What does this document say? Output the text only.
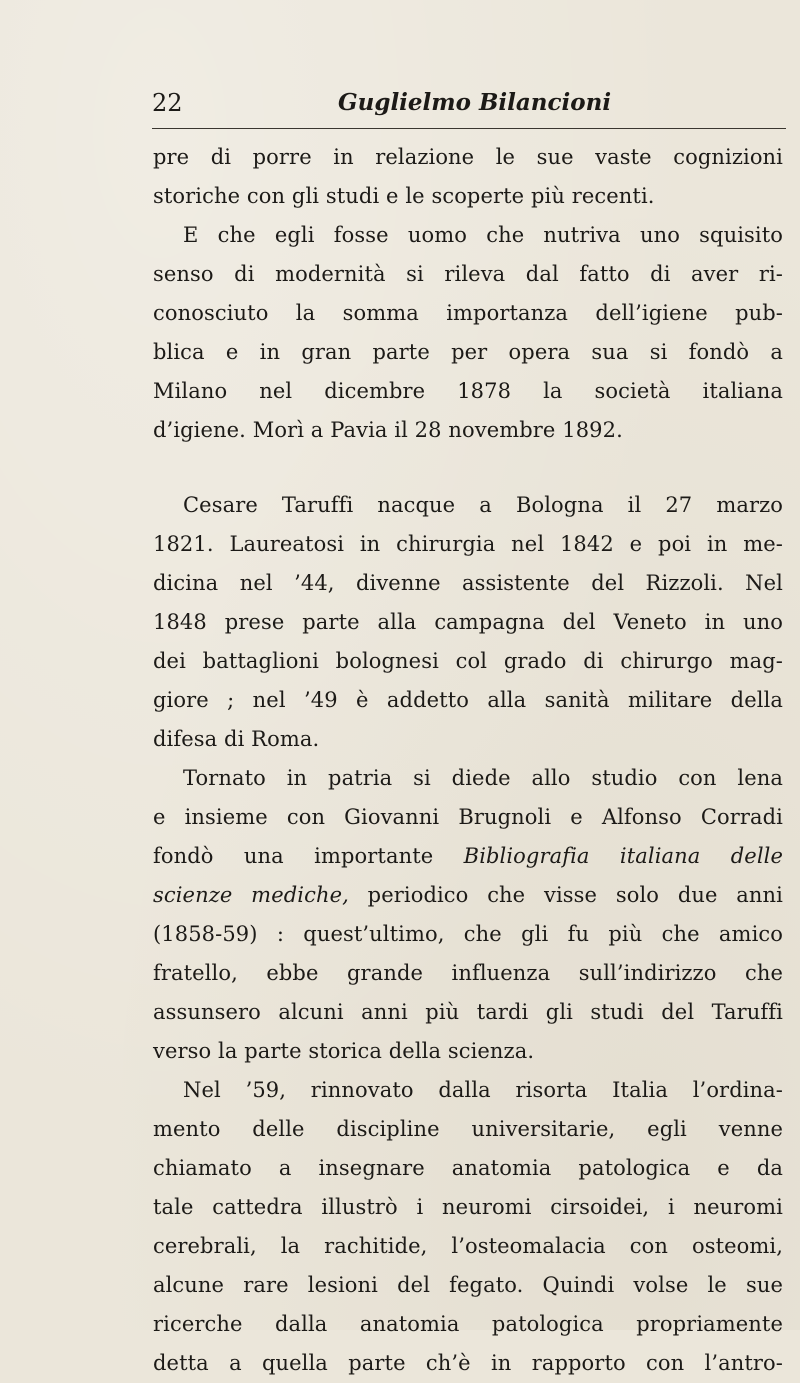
22	Guglielmo Bilancioni
pre di porre in relazione le sue vaste cognizioni
storiche con gli studi e le scoperte più recenti.
E che egli fosse uomo che nutriva uno squisito
senso di modernità si rileva dal fatto di aver ri-
conosciuto la somma importanza dell’igiene pub-
blica e in gran parte per opera sua si fondò a
Milano nel dicembre 1878 la società italiana
d’igiene. Morì a Pavia il 28 novembre 1892.
Cesare Taruffi nacque a Bologna il 27 marzo
1821. Laureatosi in chirurgia nel 1842 e poi in me-
dicina nel ’44, divenne assistente del Rizzoli. Nel
1848 prese parte alla campagna del Veneto in uno
dei battaglioni bolognesi col grado di chirurgo mag-
giore ; nel ’49 è addetto alla sanità militare della
difesa di Roma.
Tornato in patria si diede allo studio con lena
e insieme con Giovanni Brugnoli e Alfonso Corradi
fondò una importante Bibliografia italiana delle
scienze mediche, periodico che visse solo due anni
(1858-59) : quest’ultimo, che gli fu più che amico
fratello, ebbe grande influenza sull’indirizzo che
assunsero alcuni anni più tardi gli studi del Taruffi
verso la parte storica della scienza.
Nel ’59, rinnovato dalla risorta Italia l’ordina-
mento delle discipline universitarie, egli venne
chiamato a insegnare anatomia patologica e da
tale cattedra illustrò i neuromi cirsoidei, i neuromi
cerebrali, la rachitide, l’osteomalacia con osteomi,
alcune rare lesioni del fegato. Quindi volse le sue
ricerche dalla anatomia patologica propriamente
detta a quella parte ch’è in rapporto con l’antro-
